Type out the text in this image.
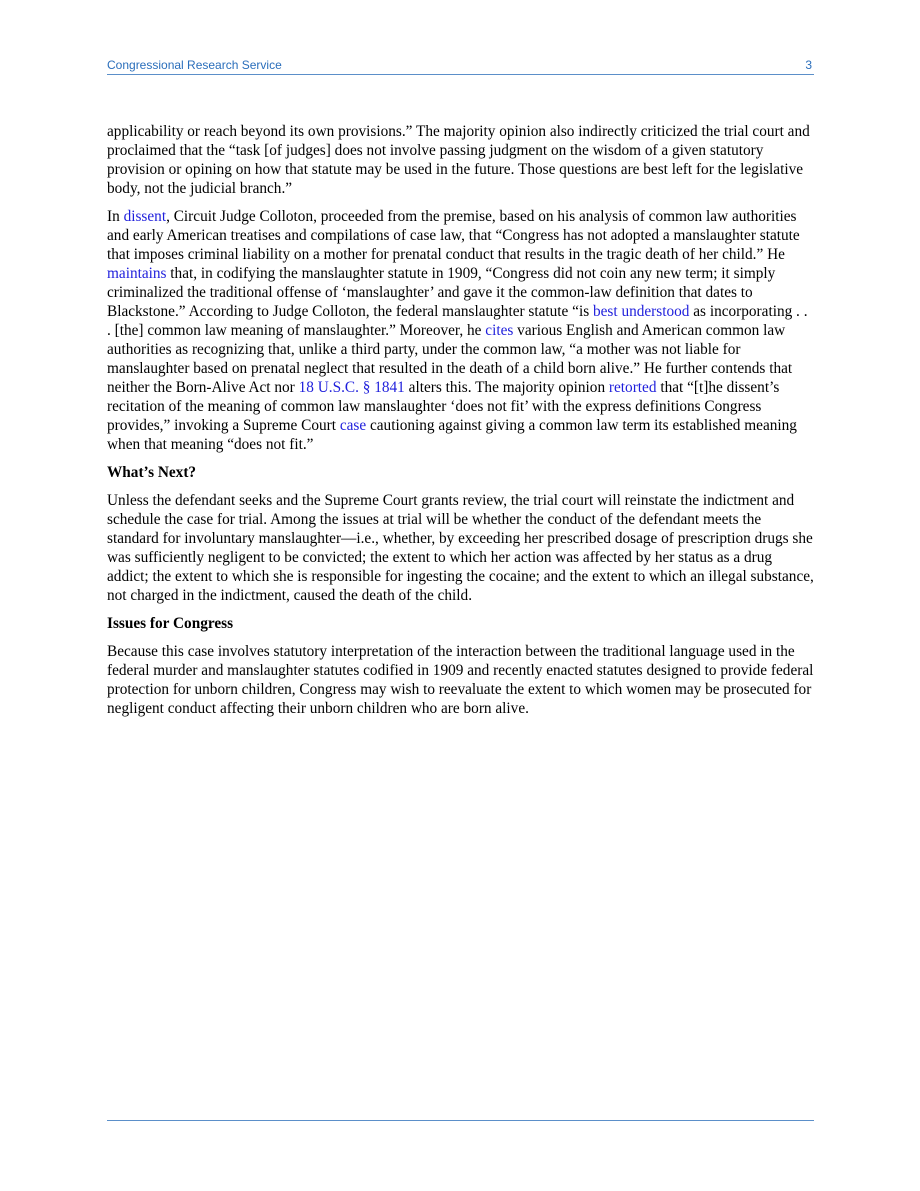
Congressional Research Service	3

applicability or reach beyond its own provisions.” The majority opinion also indirectly criticized the trial court and proclaimed that the “task [of judges] does not involve passing judgment on the wisdom of a given statutory provision or opining on how that statute may be used in the future. Those questions are best left for the legislative body, not the judicial branch.”

In dissent, Circuit Judge Colloton, proceeded from the premise, based on his analysis of common law authorities and early American treatises and compilations of case law, that “Congress has not adopted a manslaughter statute that imposes criminal liability on a mother for prenatal conduct that results in the tragic death of her child.” He maintains that, in codifying the manslaughter statute in 1909, “Congress did not coin any new term; it simply criminalized the traditional offense of ‘manslaughter’ and gave it the common-law definition that dates to Blackstone.” According to Judge Colloton, the federal manslaughter statute “is best understood as incorporating . . . [the] common law meaning of manslaughter.” Moreover, he cites various English and American common law authorities as recognizing that, unlike a third party, under the common law, “a mother was not liable for manslaughter based on prenatal neglect that resulted in the death of a child born alive.” He further contends that neither the Born-Alive Act nor 18 U.S.C. § 1841 alters this. The majority opinion retorted that “[t]he dissent’s recitation of the meaning of common law manslaughter ‘does not fit’ with the express definitions Congress provides,” invoking a Supreme Court case cautioning against giving a common law term its established meaning when that meaning “does not fit.”

What’s Next?

Unless the defendant seeks and the Supreme Court grants review, the trial court will reinstate the indictment and schedule the case for trial. Among the issues at trial will be whether the conduct of the defendant meets the standard for involuntary manslaughter—i.e., whether, by exceeding her prescribed dosage of prescription drugs she was sufficiently negligent to be convicted; the extent to which her action was affected by her status as a drug addict; the extent to which she is responsible for ingesting the cocaine; and the extent to which an illegal substance, not charged in the indictment, caused the death of the child.

Issues for Congress

Because this case involves statutory interpretation of the interaction between the traditional language used in the federal murder and manslaughter statutes codified in 1909 and recently enacted statutes designed to provide federal protection for unborn children, Congress may wish to reevaluate the extent to which women may be prosecuted for negligent conduct affecting their unborn children who are born alive.
